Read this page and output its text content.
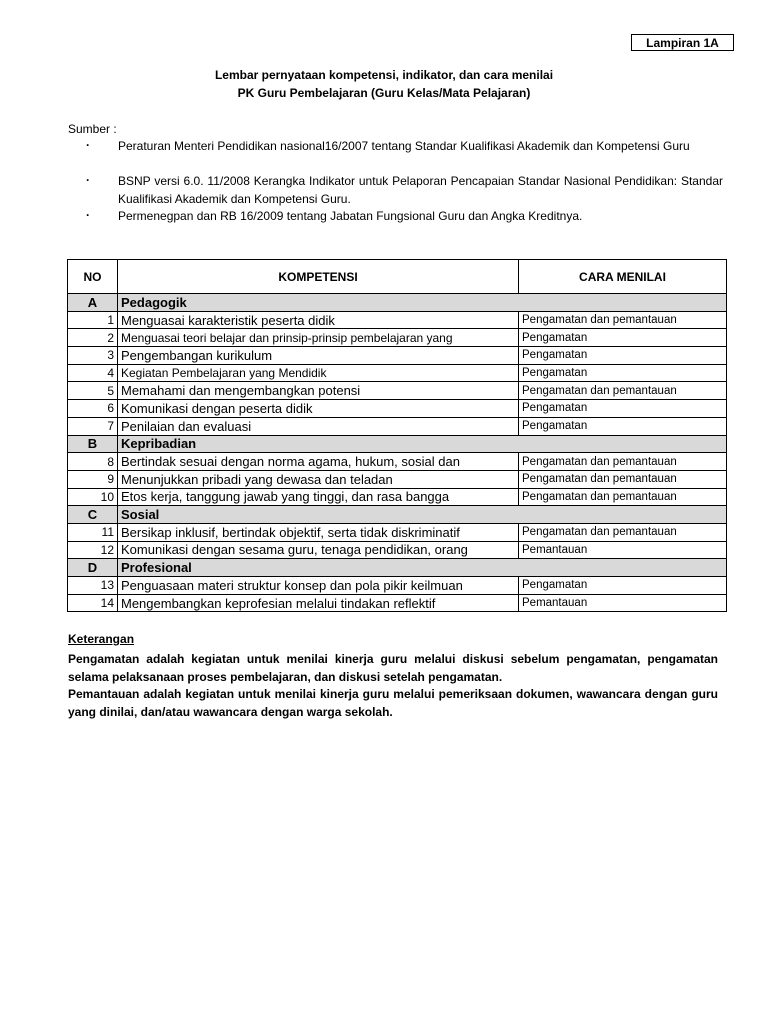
Lampiran 1A
Lembar pernyataan kompetensi, indikator, dan cara menilai
PK Guru Pembelajaran (Guru Kelas/Mata Pelajaran)
Sumber :
· Peraturan Menteri Pendidikan nasional16/2007 tentang Standar Kualifikasi Akademik dan Kompetensi Guru
· BSNP versi 6.0. 11/2008 Kerangka Indikator untuk Pelaporan Pencapaian Standar Nasional Pendidikan: Standar Kualifikasi Akademik dan Kompetensi Guru.
· Permenegpan dan RB 16/2009 tentang Jabatan Fungsional Guru dan Angka Kreditnya.
NO	KOMPETENSI	CARA MENILAI
A	Pedagogik	
1	Menguasai karakteristik peserta didik	Pengamatan dan pemantauan
2	Menguasai teori belajar dan prinsip-prinsip pembelajaran yang	Pengamatan
3	Pengembangan kurikulum	Pengamatan
4	Kegiatan Pembelajaran yang Mendidik	Pengamatan
5	Memahami dan mengembangkan potensi	Pengamatan dan pemantauan
6	Komunikasi dengan peserta didik	Pengamatan
7	Penilaian dan evaluasi	Pengamatan
B	Kepribadian	
8	Bertindak sesuai dengan norma agama, hukum, sosial dan	Pengamatan dan pemantauan
9	Menunjukkan pribadi yang dewasa dan teladan	Pengamatan dan pemantauan
10	Etos kerja, tanggung jawab yang tinggi, dan rasa bangga	Pengamatan dan pemantauan
C	Sosial	
11	Bersikap inklusif, bertindak objektif, serta tidak diskriminatif	Pengamatan dan pemantauan
12	Komunikasi dengan sesama guru, tenaga pendidikan, orang	Pemantauan
D	Profesional	
13	Penguasaan materi struktur konsep dan pola pikir keilmuan	Pengamatan
14	Mengembangkan keprofesian melalui tindakan reflektif	Pemantauan
Keterangan
Pengamatan adalah kegiatan untuk menilai kinerja guru melalui diskusi sebelum pengamatan, pengamatan selama pelaksanaan proses pembelajaran, dan diskusi setelah pengamatan.
Pemantauan adalah kegiatan untuk menilai kinerja guru melalui pemeriksaan dokumen, wawancara dengan guru yang dinilai, dan/atau wawancara dengan warga sekolah.
